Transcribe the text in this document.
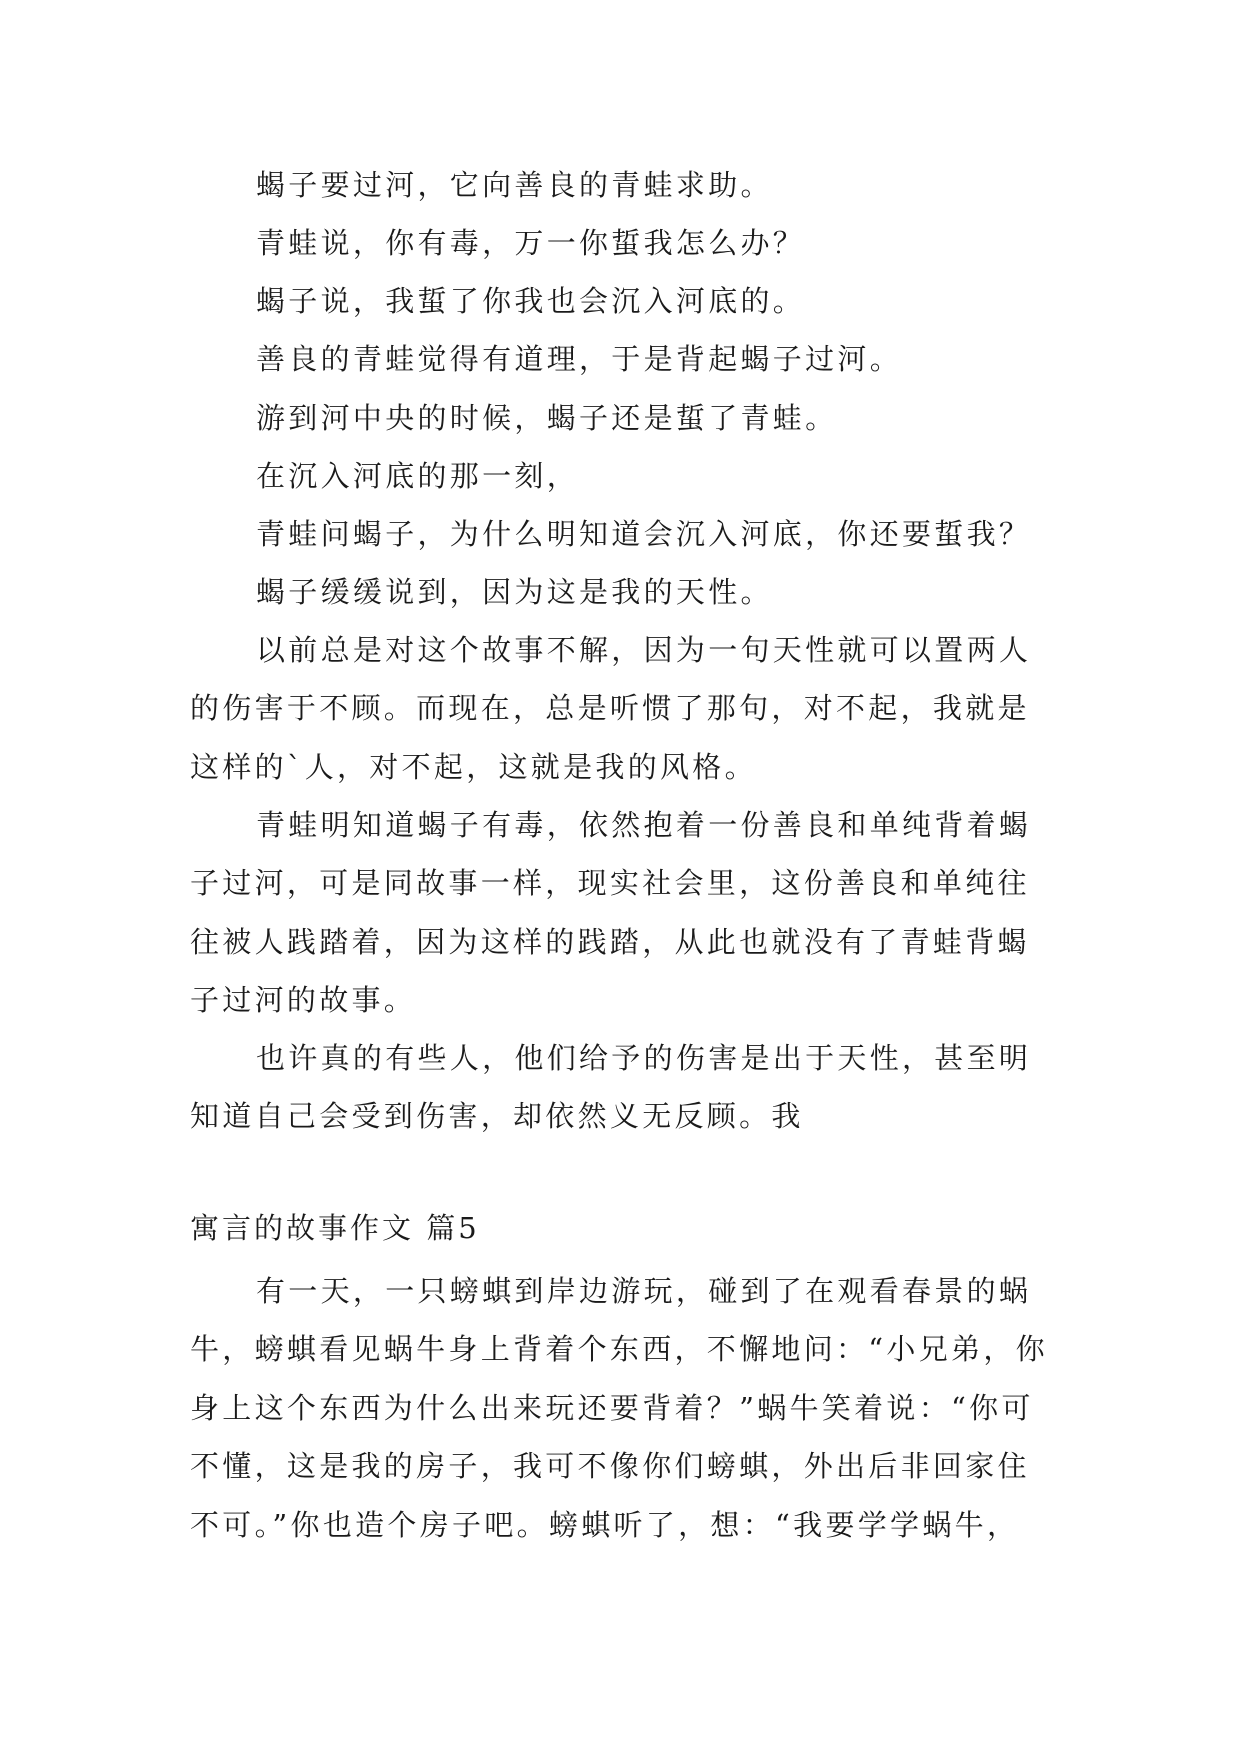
蝎子要过河，它向善良的青蛙求助。

青蛙说，你有毒，万一你蜇我怎么办？

蝎子说，我蜇了你我也会沉入河底的。

善良的青蛙觉得有道理，于是背起蝎子过河。

游到河中央的时候，蝎子还是蜇了青蛙。

在沉入河底的那一刻，

青蛙问蝎子，为什么明知道会沉入河底，你还要蜇我？

蝎子缓缓说到，因为这是我的天性。

以前总是对这个故事不解，因为一句天性就可以置两人的伤害于不顾。而现在，总是听惯了那句，对不起，我就是这样的`人，对不起，这就是我的风格。

青蛙明知道蝎子有毒，依然抱着一份善良和单纯背着蝎子过河，可是同故事一样，现实社会里，这份善良和单纯往往被人践踏着，因为这样的践踏，从此也就没有了青蛙背蝎子过河的故事。

也许真的有些人，他们给予的伤害是出于天性，甚至明知道自己会受到伤害，却依然义无反顾。我

寓言的故事作文 篇5

有一天，一只螃蜞到岸边游玩，碰到了在观看春景的蜗牛，螃蜞看见蜗牛身上背着个东西，不懈地问：“小兄弟，你身上这个东西为什么出来玩还要背着？”蜗牛笑着说：“你可不懂，这是我的房子，我可不像你们螃蜞，外出后非回家住不可。”你也造个房子吧。螃蜞听了，想：“我要学学蜗牛，
